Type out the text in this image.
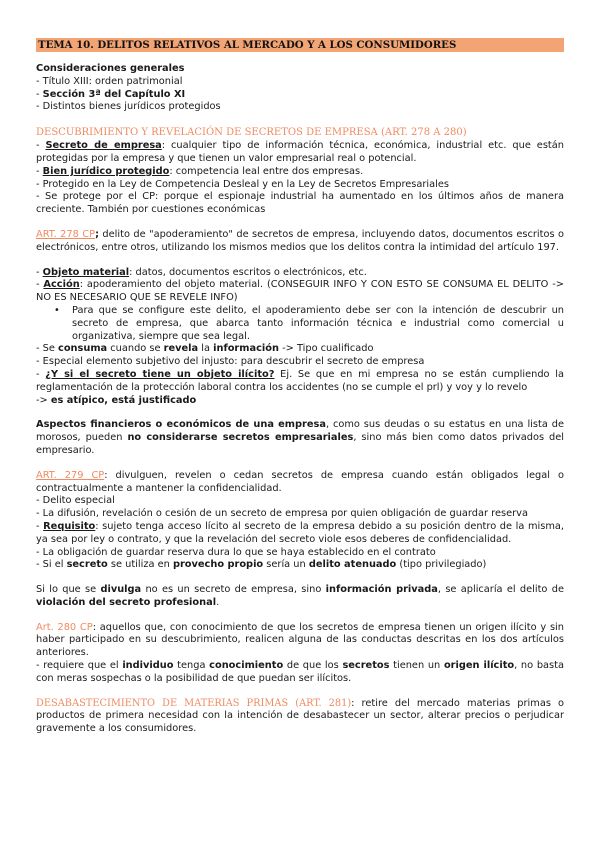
TEMA 10. DELITOS RELATIVOS AL MERCADO Y A LOS CONSUMIDORES
Consideraciones generales
- Título XIII: orden patrimonial
- Sección 3ª del Capítulo XI
- Distintos bienes jurídicos protegidos
DESCUBRIMIENTO Y REVELACIÓN DE SECRETOS DE EMPRESA (ART. 278 A 280)
- Secreto de empresa: cualquier tipo de información técnica, económica, industrial etc. que están protegidas por la empresa y que tienen un valor empresarial real o potencial.
- Bien jurídico protegido: competencia leal entre dos empresas.
- Protegido en la Ley de Competencia Desleal y en la Ley de Secretos Empresariales
- Se protege por el CP: porque el espionaje industrial ha aumentado en los últimos años de manera creciente. También por cuestiones económicas
ART. 278 CP; delito de "apoderamiento" de secretos de empresa, incluyendo datos, documentos escritos o electrónicos, entre otros, utilizando los mismos medios que los delitos contra la intimidad del artículo 197.
- Objeto material: datos, documentos escritos o electrónicos, etc.
- Acción: apoderamiento del objeto material. (CONSEGUIR INFO Y CON ESTO SE CONSUMA EL DELITO -> NO ES NECESARIO QUE SE REVELE INFO)
• Para que se configure este delito, el apoderamiento debe ser con la intención de descubrir un secreto de empresa, que abarca tanto información técnica e industrial como comercial u organizativa, siempre que sea legal.
- Se consuma cuando se revela la información -> Tipo cualificado
- Especial elemento subjetivo del injusto: para descubrir el secreto de empresa
- ¿Y si el secreto tiene un objeto ilícito? Ej. Se que en mi empresa no se están cumpliendo la reglamentación de la protección laboral contra los accidentes (no se cumple el prl) y voy y lo revelo
-> es atípico, está justificado
Aspectos financieros o económicos de una empresa, como sus deudas o su estatus en una lista de morosos, pueden no considerarse secretos empresariales, sino más bien como datos privados del empresario.
ART. 279 CP: divulguen, revelen o cedan secretos de empresa cuando están obligados legal o contractualmente a mantener la confidencialidad.
- Delito especial
- La difusión, revelación o cesión de un secreto de empresa por quien obligación de guardar reserva
- Requisito: sujeto tenga acceso lícito al secreto de la empresa debido a su posición dentro de la misma, ya sea por ley o contrato, y que la revelación del secreto viole esos deberes de confidencialidad.
- La obligación de guardar reserva dura lo que se haya establecido en el contrato
- Si el secreto se utiliza en provecho propio sería un delito atenuado (tipo privilegiado)
Si lo que se divulga no es un secreto de empresa, sino información privada, se aplicaría el delito de violación del secreto profesional.
Art. 280 CP: aquellos que, con conocimiento de que los secretos de empresa tienen un origen ilícito y sin haber participado en su descubrimiento, realicen alguna de las conductas descritas en los dos artículos anteriores.
- requiere que el individuo tenga conocimiento de que los secretos tienen un origen ilícito, no basta con meras sospechas o la posibilidad de que puedan ser ilícitos.
DESABASTECIMIENTO DE MATERIAS PRIMAS (ART. 281): retire del mercado materias primas o productos de primera necesidad con la intención de desabastecer un sector, alterar precios o perjudicar gravemente a los consumidores.
